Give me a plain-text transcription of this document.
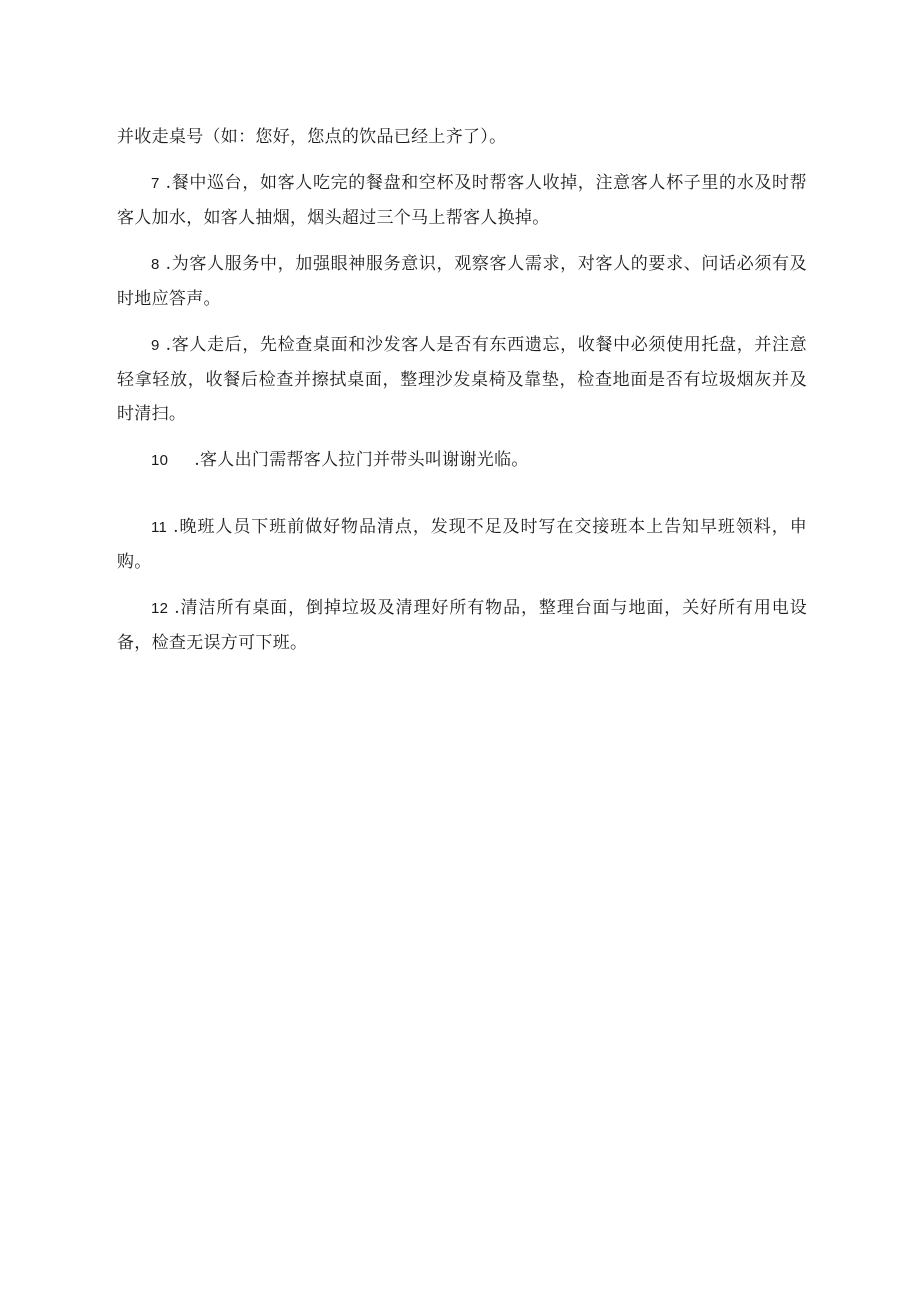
并收走桌号（如：您好，您点的饮品已经上齐了）。

7 .餐中巡台，如客人吃完的餐盘和空杯及时帮客人收掉，注意客人杯子里的水及时帮客人加水，如客人抽烟，烟头超过三个马上帮客人换掉。

8 .为客人服务中，加强眼神服务意识，观察客人需求，对客人的要求、问话必须有及时地应答声。

9 .客人走后，先检查桌面和沙发客人是否有东西遗忘，收餐中必须使用托盘，并注意轻拿轻放，收餐后检查并擦拭桌面，整理沙发桌椅及靠垫，检查地面是否有垃圾烟灰并及时清扫。

10 .客人出门需帮客人拉门并带头叫谢谢光临。

11 .晚班人员下班前做好物品清点，发现不足及时写在交接班本上告知早班领料，申购。

12 .清洁所有桌面，倒掉垃圾及清理好所有物品，整理台面与地面，关好所有用电设备，检查无误方可下班。
